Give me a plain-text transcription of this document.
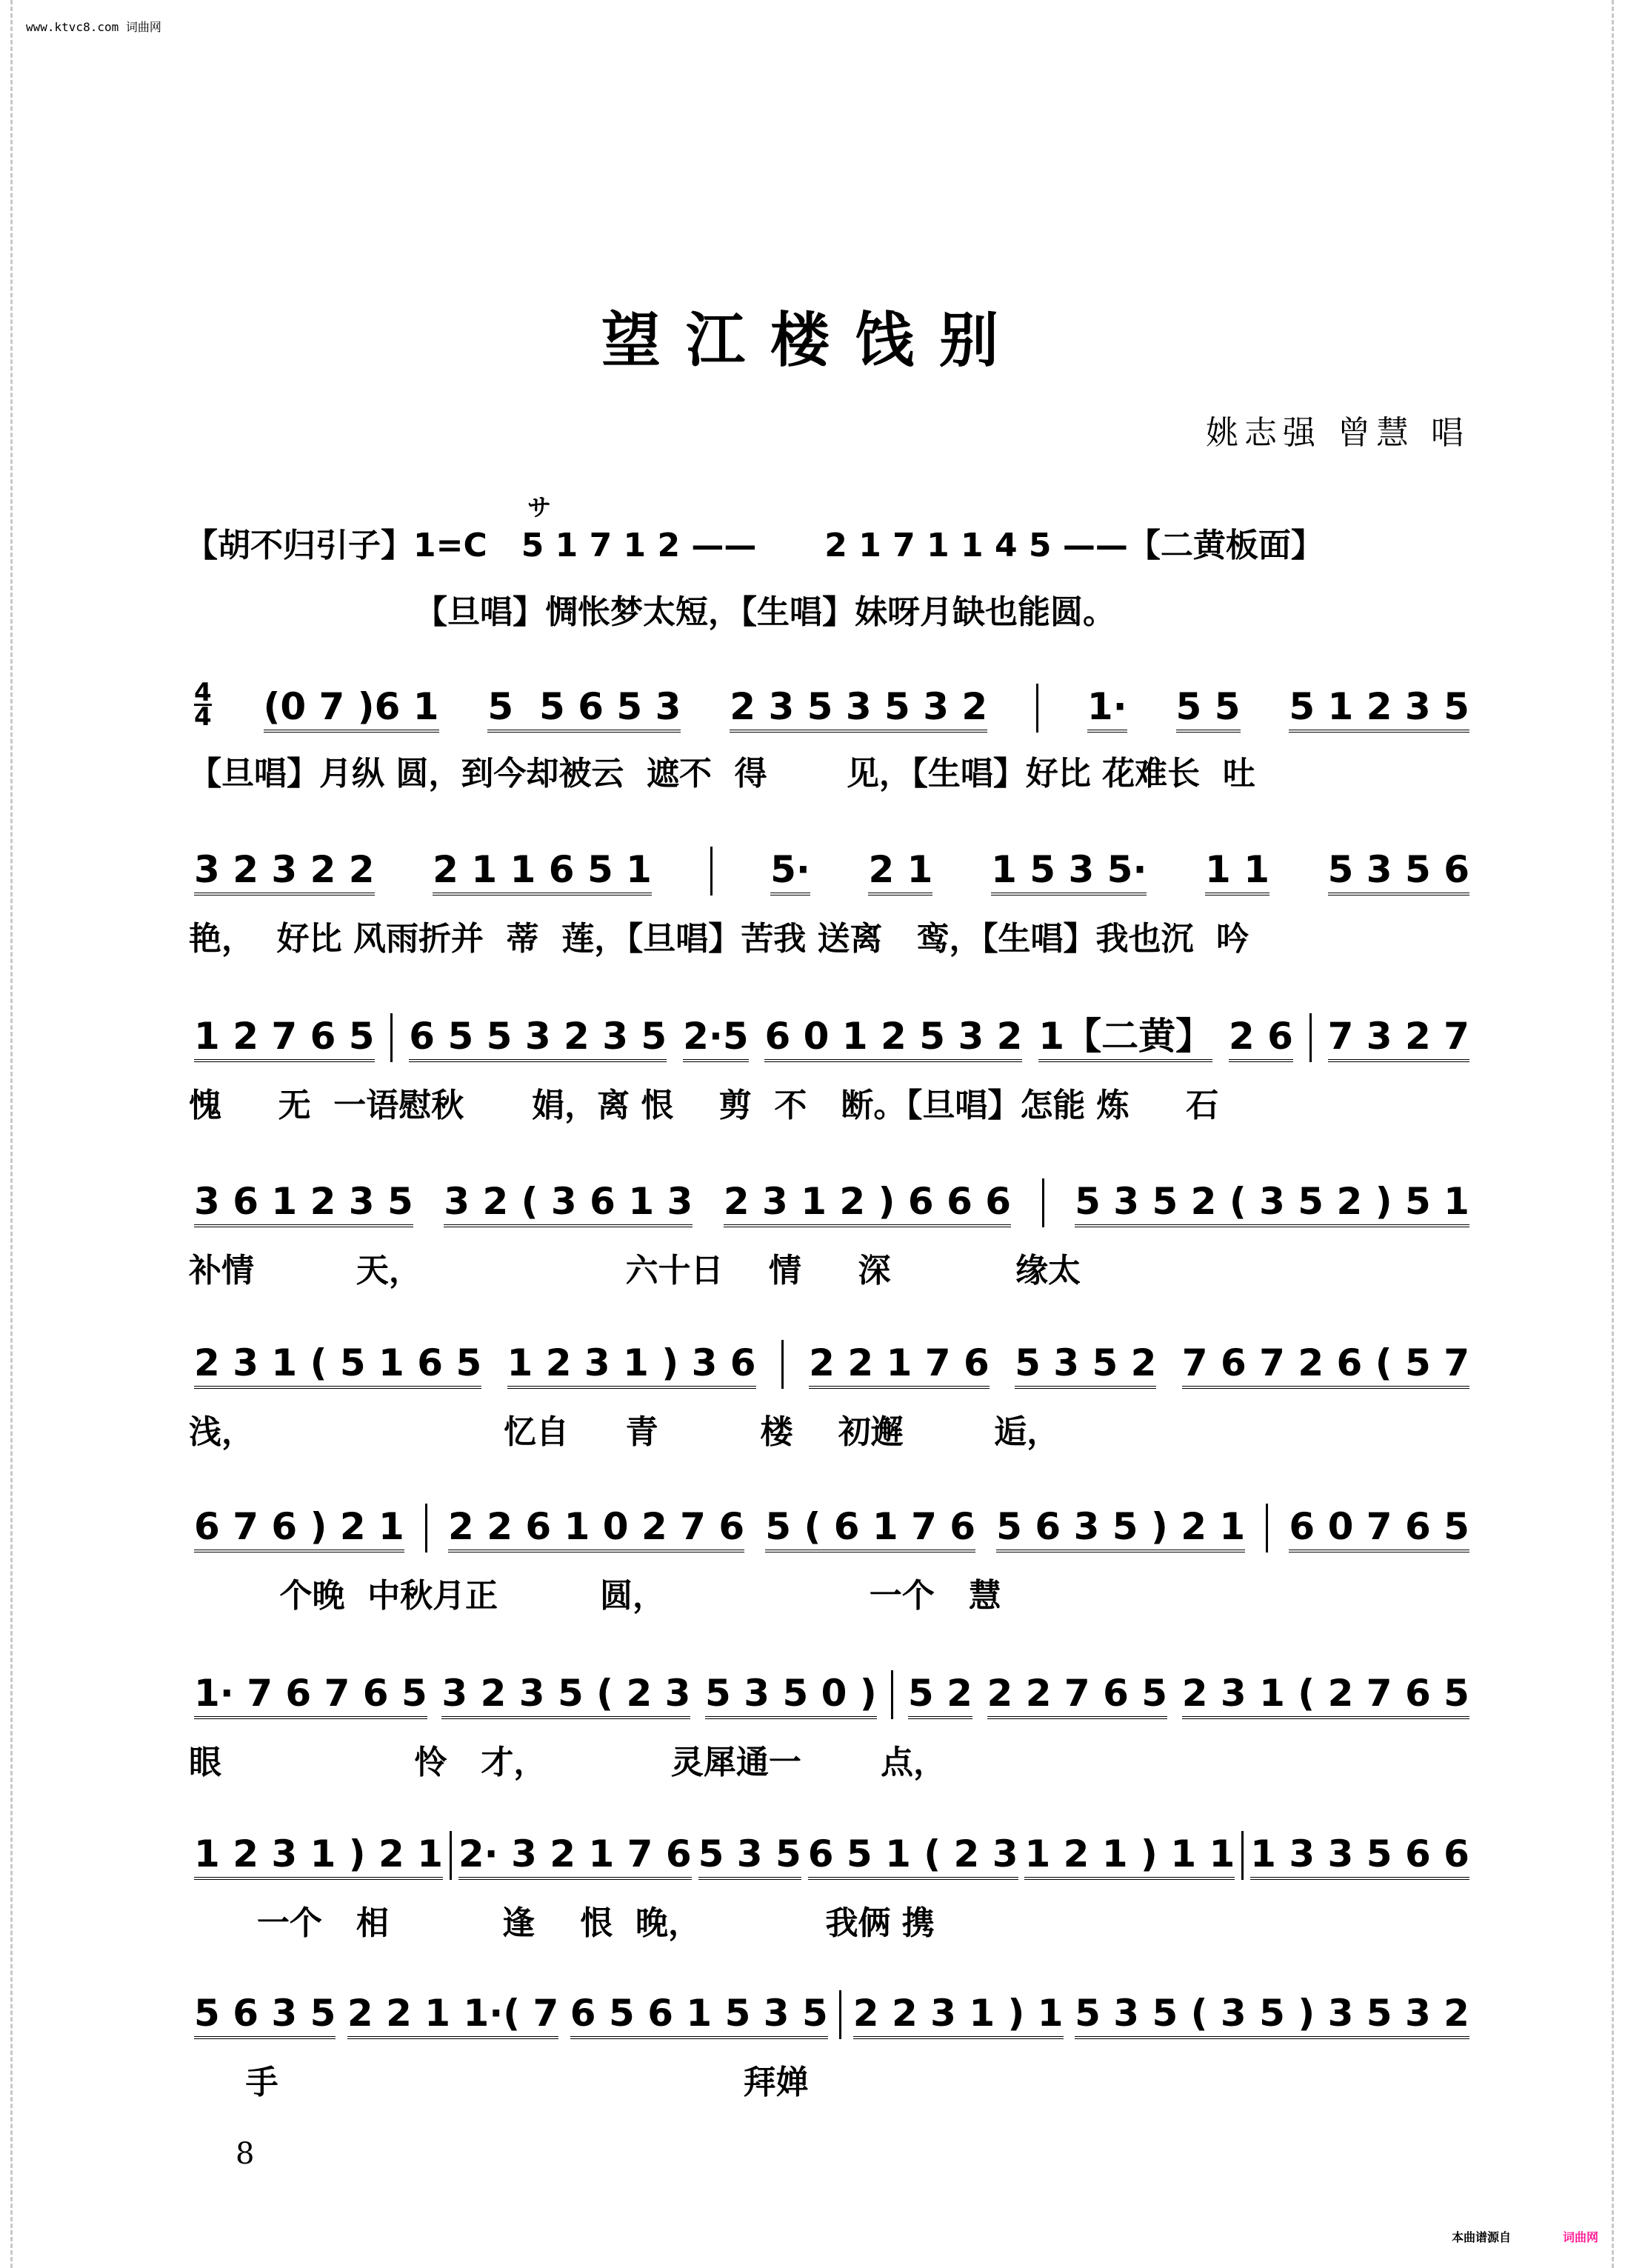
www.ktvc8.com 词曲网
望江楼饯别
姚志强 曾慧 唱
サ
【胡不归引子】1=C   5 1 7 1 2 ——      2 1 7 1 1 4 5 ——【二黄板面】
【旦唱】惆怅梦太短，【生唱】妹呀月缺也能圆。
4
4 (0 7 )6 1 5  5 6 5 3 2 3 5 3 5 3 2	1· 5 5 5 1 2 3 5
【旦唱】月纵 圆，到今却被云  遮不  得       见，【生唱】好比 花难长  吐
3 2 3 2 2 2 1 1 6 5 1	5· 2 1 1 5 3 5· 1 1 5 3 5 6
艳，  好比 风雨折并  蒂  莲，【旦唱】苦我 送离   鸾，【生唱】我也沉  吟
1 2 7 6 5 6 5 5 3 2 3 5 2·5 6 0 1 2 5 3 2 1【二黄】 2 6 7 3 2 7
愧     无  一语慰秋      娟，离 恨    剪  不   断。【旦唱】怎能 炼     石
3 6 1 2 3 5 3 2 ( 3 6 1 3 2 3 1 2 ) 6 6 6 5 3 5 2 ( 3 5 2 ) 5 1
补情         天，                  六十日    情     深           缘太
2 3 1 ( 5 1 6 5 1 2 3 1 ) 3 6 2 2 1 7 6 5 3 5 2 7 6 7 2 6 ( 5 7
浅，                      忆自     青         楼    初邂        逅，
6 7 6 ) 2 1 2 2 6 1 0 2 7 6 5 ( 6 1 7 6 5 6 3 5 ) 2 1 6 0 7 6 5
个晚  中秋月正         圆，                  一个   慧
1· 7 6 7 6 5 3 2 3 5 ( 2 3 5 3 5 0 ) 5 2 2 2 7 6 5 2 3 1 ( 2 7 6 5
眼                 怜   才，           灵犀通一       点，
1 2 3 1 ) 2 1 2· 3 2 1 7 6 5 3 5 6 5 1 ( 2 3 1 2 1 ) 1 1 1 3 3 5 6 6
一个   相          逢    恨  晚，           我俩 携
5 6 3 5 2 2 1 1·( 7 6 5 6 1 5 3 5 2 2 3 1 ) 1 5 3 5 ( 3 5 ) 3 5 3 2
手                                         拜婵
8
本曲谱源自	词曲网
